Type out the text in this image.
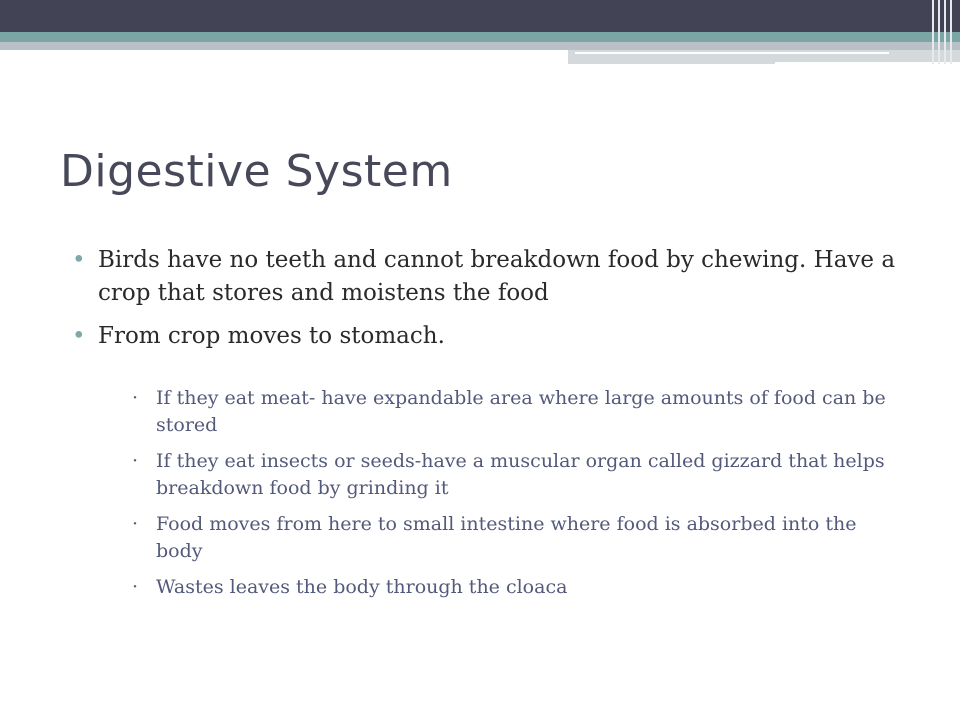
Digestive System
• Birds have no teeth and cannot breakdown food by chewing. Have a crop that stores and moistens the food
• From crop moves to stomach.
· If they eat meat- have expandable area where large amounts of food can be stored
· If they eat insects or seeds-have a muscular organ called gizzard that helps breakdown food by grinding it
· Food moves from here to small intestine where food is absorbed into the body
· Wastes leaves the body through the cloaca
